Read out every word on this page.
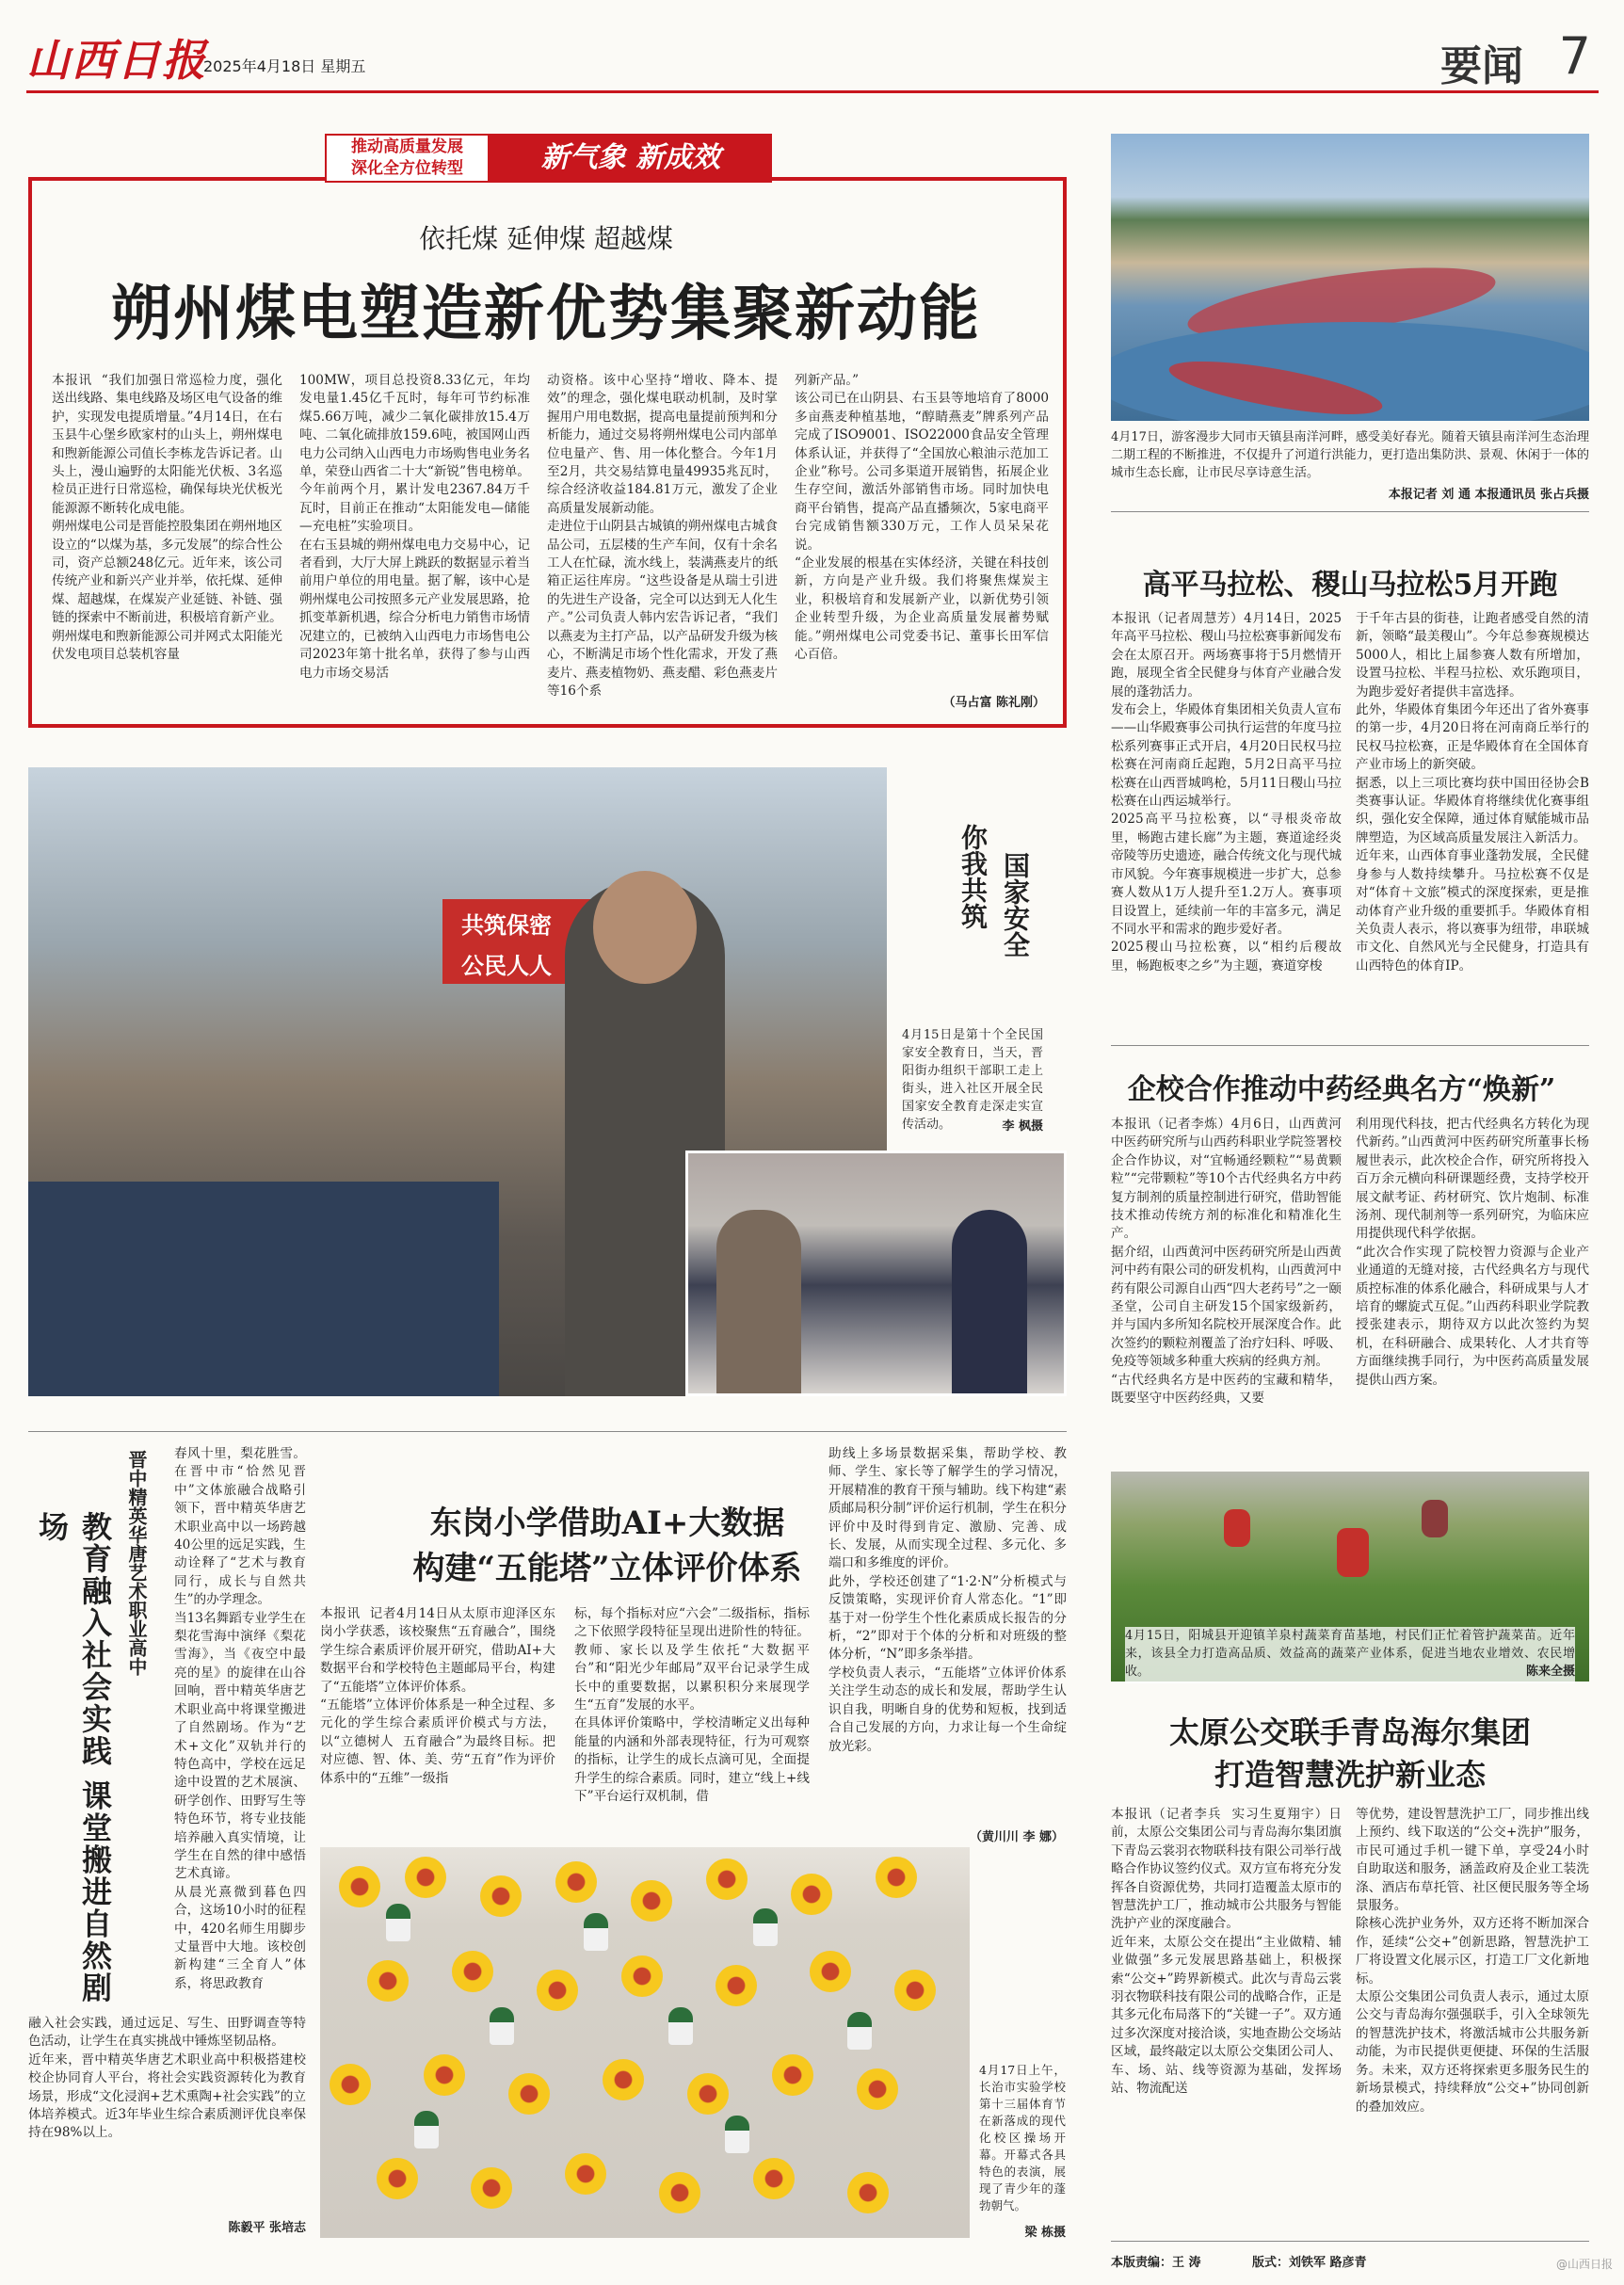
山西日报
2025年4月18日 星期五	要闻 7
推动高质量发展
深化全方位转型	新气象 新成效
依托煤 延伸煤 超越煤
朔州煤电塑造新优势集聚新动能
本报讯  “我们加强日常巡检力度，强化送出线路、集电线路及场区电气设备的维护，实现发电提质增量。”4月14日，在右玉县牛心堡乡欧家村的山头上，朔州煤电和煦新能源公司值长李栋龙告诉记者。山头上，漫山遍野的太阳能光伏板、3名巡检员正进行日常巡检，确保每块光伏板光能源源不断转化成电能。
朔州煤电公司是晋能控股集团在朔州地区设立的“以煤为基，多元发展”的综合性公司，资产总额248亿元。近年来，该公司传统产业和新兴产业并举，依托煤、延伸煤、超越煤，在煤炭产业延链、补链、强链的探索中不断前进，积极培育新产业。
朔州煤电和煦新能源公司并网式太阳能光伏发电项目总装机容量
100MW，项目总投资8.33亿元，年均发电量1.45亿千瓦时，每年可节约标准煤5.66万吨，减少二氧化碳排放15.4万吨、二氧化硫排放159.6吨，被国网山西电力公司纳入山西电力市场购售电业务名单，荣登山西省二十大“新锐”售电榜单。今年前两个月，累计发电2367.84万千瓦时，目前正在推动“太阳能发电—储能—充电桩”实验项目。
在右玉县城的朔州煤电电力交易中心，记者看到，大厅大屏上跳跃的数据显示着当前用户单位的用电量。据了解，该中心是朔州煤电公司按照多元产业发展思路，抢抓变革新机遇，综合分析电力销售市场情况建立的，已被纳入山西电力市场售电公司2023年第十批名单，获得了参与山西电力市场交易活
动资格。该中心坚持“增收、降本、提效”的理念，强化煤电联动机制，及时掌握用户用电数据，提高电量提前预判和分析能力，通过交易将朔州煤电公司内部单位电量产、售、用一体化整合。今年1月至2月，共交易结算电量49935兆瓦时，综合经济收益184.81万元，激发了企业高质量发展新动能。
走进位于山阴县古城镇的朔州煤电古城食品公司，五层楼的生产车间，仅有十余名工人在忙碌，流水线上，装满燕麦片的纸箱正运往库房。“这些设备是从瑞士引进的先进生产设备，完全可以达到无人化生产。”公司负责人韩内宏告诉记者，“我们以燕麦为主打产品，以产品研发升级为核心，不断满足市场个性化需求，开发了燕麦片、燕麦植物奶、燕麦醋、彩色燕麦片等16个系
列新产品。”
该公司已在山阴县、右玉县等地培育了8000多亩燕麦种植基地，“醇睛燕麦”牌系列产品完成了ISO9001、ISO22000食品安全管理体系认证，并获得了“全国放心粮油示范加工企业”称号。公司多渠道开展销售，拓展企业生存空间，激活外部销售市场。同时加快电商平台销售，提高产品直播频次，5家电商平台完成销售额330万元，工作人员呆呆花说。
“企业发展的根基在实体经济，关键在科技创新，方向是产业升级。我们将聚焦煤炭主业，积极培育和发展新产业，以新优势引领企业转型升级，为企业高质量发展蓄势赋能。”朔州煤电公司党委书记、董事长田军信心百倍。
（马占富 陈礼刚）
4月17日，游客漫步大同市天镇县南洋河畔，感受美好春光。随着天镇县南洋河生态治理二期工程的不断推进，不仅提升了河道行洪能力，更打造出集防洪、景观、休闲于一体的城市生态长廊，让市民尽享诗意生活。
本报记者 刘 通 本报通讯员 张占兵摄
高平马拉松、稷山马拉松5月开跑
本报讯（记者周慧芳）4月14日，2025年高平马拉松、稷山马拉松赛事新闻发布会在太原召开。两场赛事将于5月燃情开跑，展现全省全民健身与体育产业融合发展的蓬勃活力。
发布会上，华殿体育集团相关负责人宣布——山华殿赛事公司执行运营的年度马拉松系列赛事正式开启，4月20日民权马拉松赛在河南商丘起跑，5月2日高平马拉松赛在山西晋城鸣枪，5月11日稷山马拉松赛在山西运城举行。
2025高平马拉松赛，以“寻根炎帝故里，畅跑古建长廊”为主题，赛道途经炎帝陵等历史遗迹，融合传统文化与现代城市风貌。今年赛事规模进一步扩大，总参赛人数从1万人提升至1.2万人。赛事项目设置上，延续前一年的丰富多元，满足不同水平和需求的跑步爱好者。
2025稷山马拉松赛，以“相约后稷故里，畅跑板枣之乡”为主题，赛道穿梭
于千年古县的街巷，让跑者感受自然的清新，领略“最美稷山”。今年总参赛规模达5000人，相比上届参赛人数有所增加，设置马拉松、半程马拉松、欢乐跑项目，为跑步爱好者提供丰富选择。
此外，华殿体育集团今年还出了省外赛事的第一步，4月20日将在河南商丘举行的民权马拉松赛，正是华殿体育在全国体育产业市场上的新突破。
据悉，以上三项比赛均获中国田径协会B类赛事认证。华殿体育将继续优化赛事组织，强化安全保障，通过体育赋能城市品牌塑造，为区域高质量发展注入新活力。
近年来，山西体育事业蓬勃发展，全民健身参与人数持续攀升。马拉松赛不仅是对“体育＋文旅”模式的深度探索，更是推动体育产业升级的重要抓手。华殿体育相关负责人表示，将以赛事为纽带，串联城市文化、自然风光与全民健身，打造具有山西特色的体育IP。
共筑保密
公民人人
国家安全
你我共筑
4月15日是第十个全民国家安全教育日，当天，晋阳街办组织干部职工走上街头，进入社区开展全民国家安全教育走深走实宣传活动。	李 枫摄
企校合作推动中药经典名方“焕新”
本报讯（记者李炼）4月6日，山西黄河中医药研究所与山西药科职业学院签署校企合作协议，对“宜畅通经颗粒”“易黄颗粒”“完带颗粒”等10个古代经典名方中药复方制剂的质量控制进行研究，借助智能技术推动传统方剂的标准化和精准化生产。
据介绍，山西黄河中医药研究所是山西黄河中药有限公司的研发机构，山西黄河中药有限公司源自山西“四大老药号”之一颐圣堂，公司自主研发15个国家级新药，并与国内多所知名院校开展深度合作。此次签约的颗粒剂覆盖了治疗妇科、呼吸、免疫等领域多种重大疾病的经典方剂。
“古代经典名方是中医药的宝藏和精华，既要坚守中医药经典，又要
利用现代科技，把古代经典名方转化为现代新药。”山西黄河中医药研究所董事长杨履世表示，此次校企合作，研究所将投入百万余元横向科研课题经费，支持学校开展文献考证、药材研究、饮片炮制、标准汤剂、现代制剂等一系列研究，为临床应用提供现代科学依据。
“此次合作实现了院校智力资源与企业产业通道的无缝对接，古代经典名方与现代质控标准的体系化融合，科研成果与人才培育的螺旋式互促。”山西药科职业学院教授张建表示，期待双方以此次签约为契机，在科研融合、成果转化、人才共育等方面继续携手同行，为中医药高质量发展提供山西方案。
4月15日，阳城县开迎镇羊泉村蔬菜育苗基地，村民们正忙着管护蔬菜苗。近年来，该县全力打造高品质、效益高的蔬菜产业体系，促进当地农业增效、农民增收。	陈来全摄
太原公交联手青岛海尔集团
打造智慧洗护新业态
本报讯（记者李兵  实习生夏翔宇）日前，太原公交集团公司与青岛海尔集团旗下青岛云裳羽衣物联科技有限公司举行战略合作协议签约仪式。双方宣布将充分发挥各自资源优势，共同打造覆盖太原市的智慧洗护工厂，推动城市公共服务与智能洗护产业的深度融合。
近年来，太原公交在提出“主业做精、辅业做强”多元发展思路基础上，积极探索“公交+”跨界新模式。此次与青岛云裳羽衣物联科技有限公司的战略合作，正是其多元化布局落下的“关键一子”。双方通过多次深度对接洽谈，实地查勘公交场站区域，最终敲定以太原公交集团公司人、车、场、站、线等资源为基础，发挥场站、物流配送
等优势，建设智慧洗护工厂，同步推出线上预约、线下取送的“公交+洗护”服务，市民可通过手机一键下单，享受24小时自助取送和服务，涵盖政府及企业工装洗涤、酒店布草托管、社区便民服务等全场景服务。
除核心洗护业务外，双方还将不断加深合作，延续“公交+”创新思路，智慧洗护工厂将设置文化展示区，打造工厂文化新地标。
太原公交集团公司负责人表示，通过太原公交与青岛海尔强强联手，引入全球领先的智慧洗护技术，将激活城市公共服务新动能，为市民提供更便捷、环保的生活服务。未来，双方还将探索更多服务民生的新场景模式，持续释放“公交+”协同创新的叠加效应。
东岗小学借助AI+大数据
构建“五能塔”立体评价体系
本报讯  记者4月14日从太原市迎泽区东岗小学获悉，该校聚焦“五育融合”，围绕学生综合素质评价展开研究，借助AI+大数据平台和学校特色主题邮局平台，构建了“五能塔”立体评价体系。
“五能塔”立体评价体系是一种全过程、多元化的学生综合素质评价模式与方法，以“立德树人  五育融合”为最终目标。把对应德、智、体、美、劳“五育”作为评价体系中的“五维”一级指
标，每个指标对应“六会”二级指标，指标之下依照学段特征呈现出进阶性的特征。教师、家长以及学生依托“大数据平台”和“阳光少年邮局”双平台记录学生成长中的重要数据，以累积积分来展现学生“五育”发展的水平。
在具体评价策略中，学校清晰定义出每种能量的内涵和外部表现特征，行为可观察的指标，让学生的成长点滴可见，全面提升学生的综合素质。同时，建立“线上+线下”平台运行双机制，借
助线上多场景数据采集，帮助学校、教师、学生、家长等了解学生的学习情况，开展精准的教育干预与辅助。线下构建“素质邮局积分制”评价运行机制，学生在积分评价中及时得到肯定、激励、完善、成长、发展，从而实现全过程、多元化、多端口和多维度的评价。
此外，学校还创建了“1·2·N”分析模式与反馈策略，实现评价育人常态化。“1”即基于对一份学生个性化素质成长报告的分析，“2”即对于个体的分析和对班级的整体分析，“N”即多条举措。
学校负责人表示，“五能塔”立体评价体系关注学生动态的成长和发展，帮助学生认识自我，明晰自身的优势和短板，找到适合自己发展的方向，力求让每一个生命绽放光彩。
（黄川川 李 娜）
4月17日上午，长治市实验学校第十三届体育节在新落成的现代化校区操场开幕。开幕式各具特色的表演，展现了青少年的蓬勃朝气。
梁 栋摄
晋中精英华唐艺术职业高中
教育融入社会实践 课堂搬进自然剧场
春风十里，梨花胜雪。在晋中市“恰然见晋中”文体旅融合战略引领下，晋中精英华唐艺术职业高中以一场跨越40公里的远足实践，生动诠释了“艺术与教育同行，成长与自然共生”的办学理念。
当13名舞蹈专业学生在梨花雪海中演绎《梨花雪海》，当《夜空中最亮的星》的旋律在山谷回响，晋中精英华唐艺术职业高中将课堂搬进了自然剧场。作为“艺术+文化”双轨并行的特色高中，学校在远足途中设置的艺术展演、研学创作、田野写生等特色环节，将专业技能培养融入真实情境，让学生在自然的律中感悟艺术真谛。
从晨光熹微到暮色四合，这场10小时的征程中，420名师生用脚步丈量晋中大地。该校创新构建“三全育人”体系，将思政教育
融入社会实践，通过远足、写生、田野调查等特色活动，让学生在真实挑战中锤炼坚韧品格。
近年来，晋中精英华唐艺术职业高中积极搭建校校企协同育人平台，将社会实践资源转化为教育场景，形成“文化浸润+艺术熏陶+社会实践”的立体培养模式。近3年毕业生综合素质测评优良率保持在98%以上。
陈毅平 张培志
本版责编：王 涛	版式：刘铁军 路彦青	@山西日报
